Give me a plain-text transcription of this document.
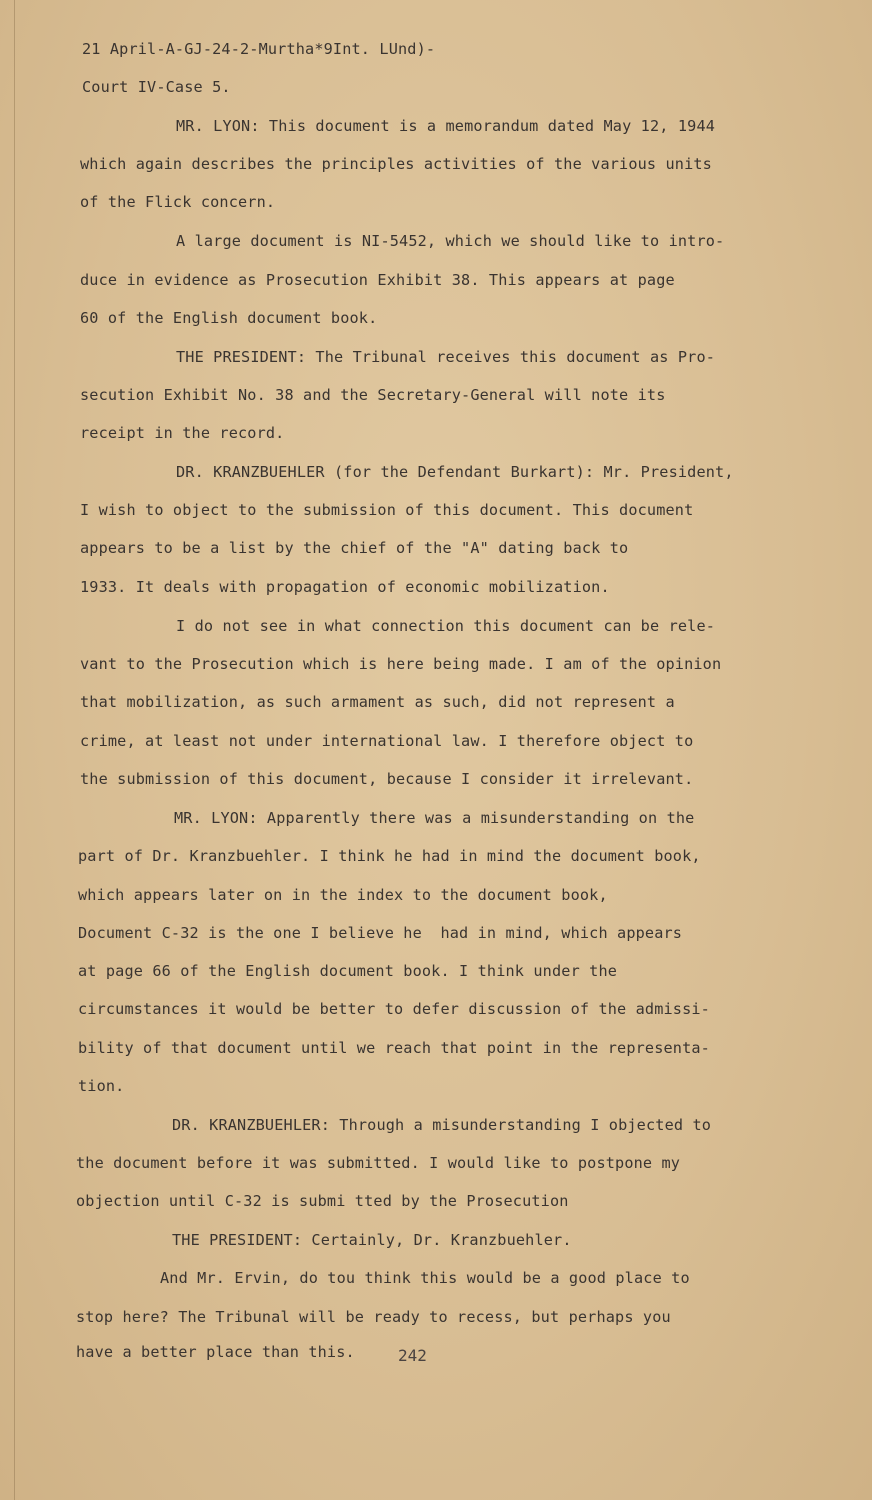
21 April-A-GJ-24-2-Murtha*9Int. LUnd)-
Court IV-Case 5.
MR. LYON: This document is a memorandum dated May 12, 1944
which again describes the principles activities of the various units
of the Flick concern.
A large document is NI-5452, which we should like to intro-
duce in evidence as Prosecution Exhibit 38. This appears at page
60 of the English document book.
THE PRESIDENT: The Tribunal receives this document as Pro-
secution Exhibit No. 38 and the Secretary-General will note its
receipt in the record.
DR. KRANZBUEHLER (for the Defendant Burkart): Mr. President,
I wish to object to the submission of this document. This document
appears to be a list by the chief of the "A" dating back to
1933. It deals with propagation of economic mobilization.
I do not see in what connection this document can be rele-
vant to the Prosecution which is here being made. I am of the opinion
that mobilization, as such armament as such, did not represent a
crime, at least not under international law. I therefore object to
the submission of this document, because I consider it irrelevant.
MR. LYON: Apparently there was a misunderstanding on the
part of Dr. Kranzbuehler. I think he had in mind the document book,
which appears later on in the index to the document book,
Document C-32 is the one I believe he  had in mind, which appears
at page 66 of the English document book. I think under the
circumstances it would be better to defer discussion of the admissi-
bility of that document until we reach that point in the representa-
tion.
DR. KRANZBUEHLER: Through a misunderstanding I objected to
the document before it was submitted. I would like to postpone my
objection until C-32 is submi tted by the Prosecution
THE PRESIDENT: Certainly, Dr. Kranzbuehler.
And Mr. Ervin, do tou think this would be a good place to
stop here? The Tribunal will be ready to recess, but perhaps you
have a better place than this.	242
